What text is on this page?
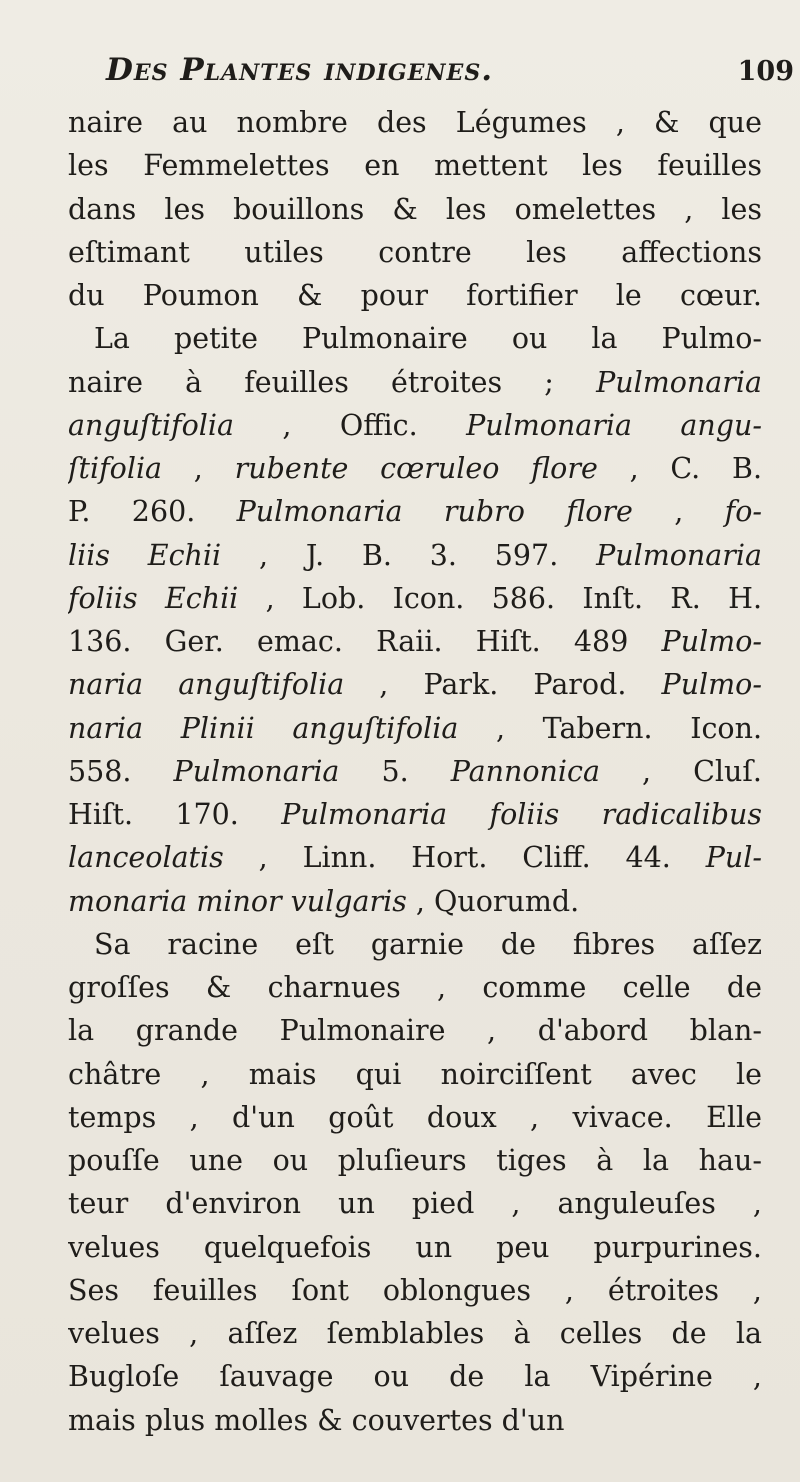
Des Plantes indigenes.	109
naire au nombre des Légumes , & que
les Femmelettes en mettent les feuilles
dans les bouillons & les omelettes , les
eſtimant utiles contre les affections
du Poumon & pour fortifier le cœur.
La petite Pulmonaire ou la Pulmo-
naire à feuilles étroites ; Pulmonaria
anguſtifolia , Offic. Pulmonaria angu-
ſtifolia , rubente cœruleo flore , C. B.
P. 260. Pulmonaria rubro flore , fo-
liis Echii , J. B. 3. 597. Pulmonaria
foliis Echii , Lob. Icon. 586. Inſt. R. H.
136. Ger. emac. Raii. Hiſt. 489 Pulmo-
naria anguſtifolia , Park. Parod. Pulmo-
naria Plinii anguſtifolia , Tabern. Icon.
558. Pulmonaria 5. Pannonica , Cluſ.
Hiſt. 170. Pulmonaria foliis radicalibus
lanceolatis , Linn. Hort. Cliff. 44. Pul-
monaria minor vulgaris , Quorumd.
Sa racine eſt garnie de fibres aſſez
groſſes & charnues , comme celle de
la grande Pulmonaire , d'abord blan-
châtre , mais qui noirciſſent avec le
temps , d'un goût doux , vivace. Elle
pouſſe une ou pluſieurs tiges à la hau-
teur d'environ un pied , anguleuſes ,
velues quelquefois un peu purpurines.
Ses feuilles ſont oblongues , étroites ,
velues , aſſez ſemblables à celles de la
Bugloſe ſauvage ou de la Vipérine ,
mais plus molles & couvertes d'un
